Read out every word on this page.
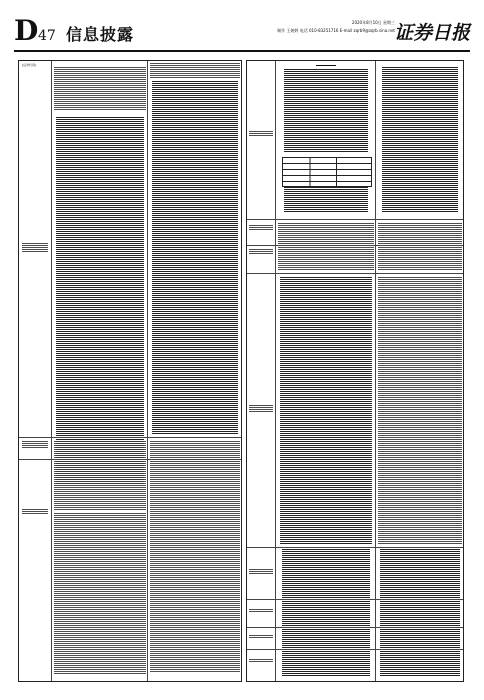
D 47 信息披露
2020年8月10日 星期三
制作 王婉婷 电话 010-83251716 E-mail zqrb9@zqrb.sina.net
证券日报
[证券代码]
